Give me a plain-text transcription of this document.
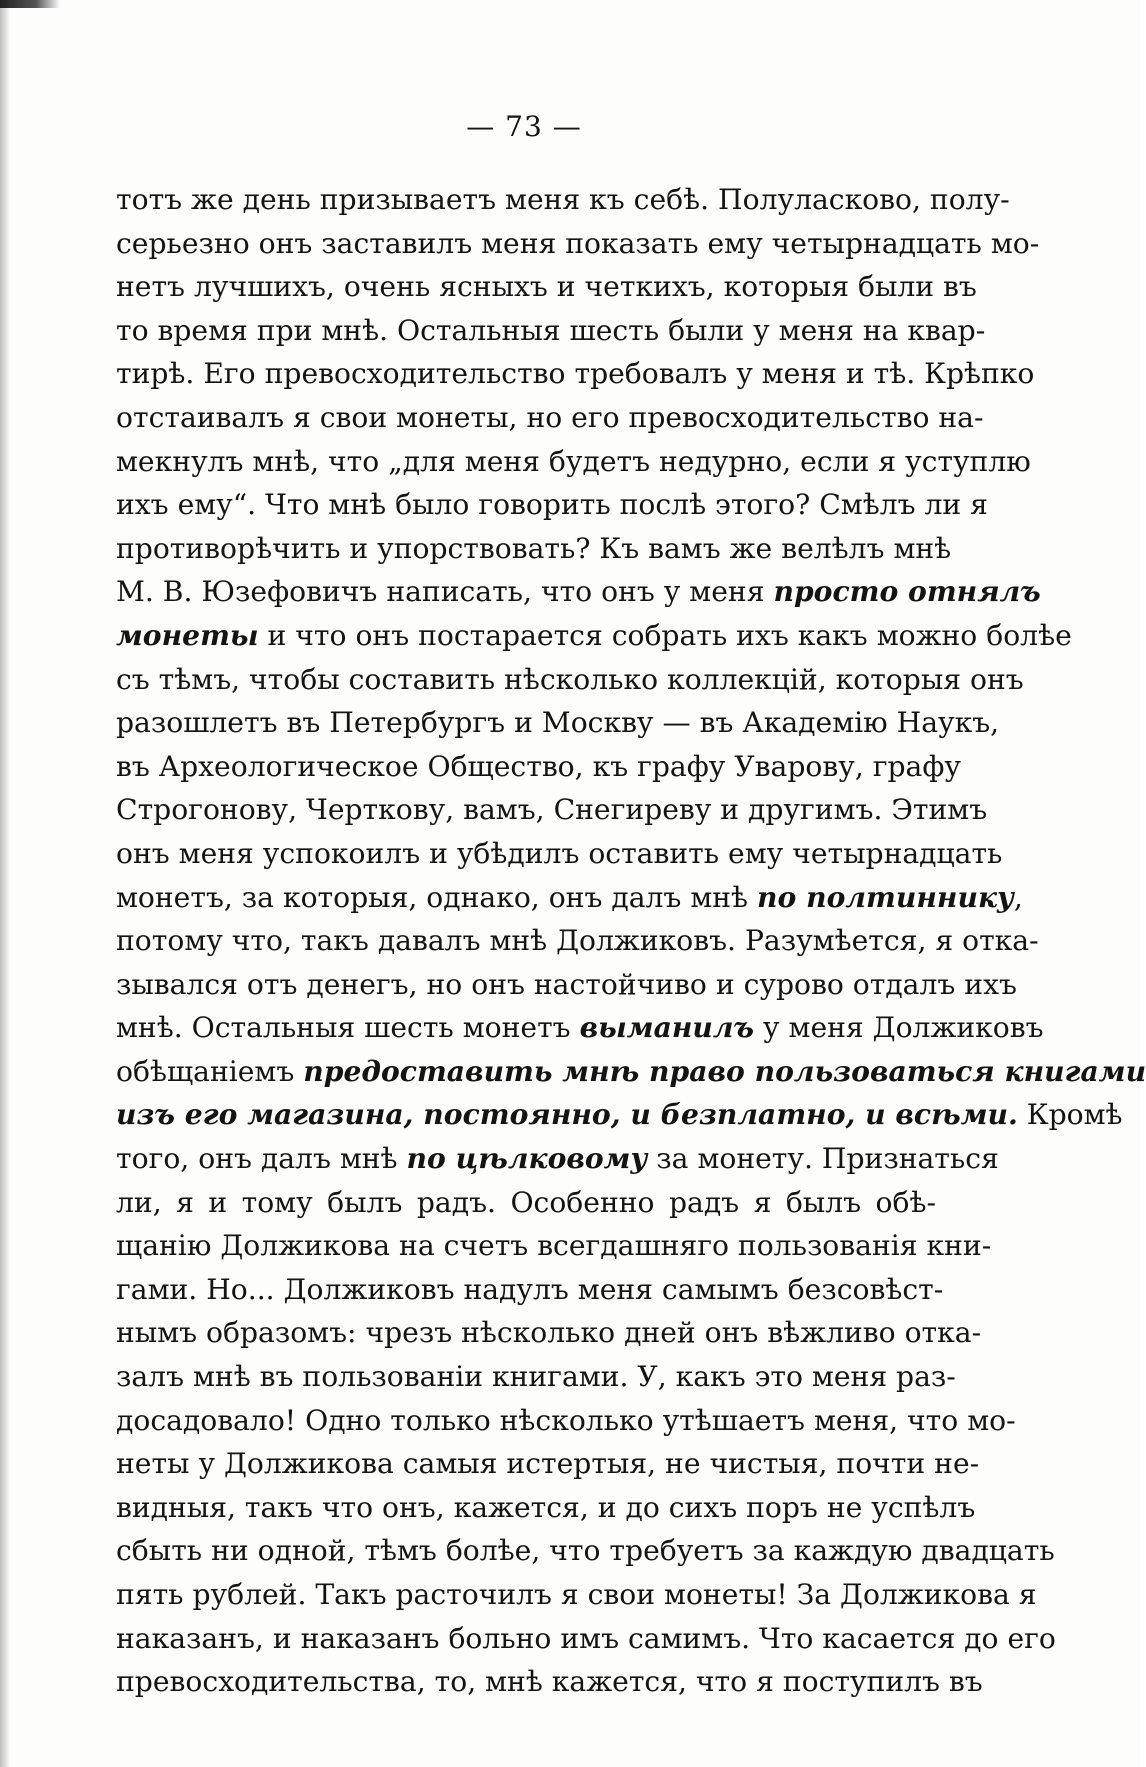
— 73 —
тотъ же день призываетъ меня къ себѣ. Полуласково, полу-
серьезно онъ заставилъ меня показать ему четырнадцать мо-
нетъ лучшихъ, очень ясныхъ и четкихъ, которыя были въ
то время при мнѣ. Остальныя шесть были у меня на квар-
тирѣ. Его превосходительство требовалъ у меня и тѣ. Крѣпко
отстаивалъ я свои монеты, но его превосходительство на-
мекнулъ мнѣ, что „для меня будетъ недурно, если я уступлю
ихъ ему“. Что мнѣ было говорить послѣ этого? Смѣлъ ли я
противорѣчить и упорствовать? Къ вамъ же велѣлъ мнѣ
М. В. Юзефовичъ написать, что онъ у меня просто отнялъ
монеты и что онъ постарается собрать ихъ какъ можно болѣе
съ тѣмъ, чтобы составить нѣсколько коллекцій, которыя онъ
разошлетъ въ Петербургъ и Москву — въ Академію Наукъ,
въ Археологическое Общество, къ графу Уварову, графу
Строгонову, Черткову, вамъ, Снегиреву и другимъ. Этимъ
онъ меня успокоилъ и убѣдилъ оставить ему четырнадцать
монетъ, за которыя, однако, онъ далъ мнѣ по полтиннику,
потому что, такъ давалъ мнѣ Должиковъ. Разумѣется, я отка-
зывался отъ денегъ, но онъ настойчиво и сурово отдалъ ихъ
мнѣ. Остальныя шесть монетъ выманилъ у меня Должиковъ
обѣщаніемъ предоставить мнѣ право пользоваться книгами
изъ его магазина, постоянно, и безплатно, и всѣми. Кромѣ
того, онъ далъ мнѣ по цѣлковому за монету. Признаться
ли, я и тому былъ радъ. Особенно радъ я былъ обѣ-
щанію Должикова на счетъ всегдашняго пользованія кни-
гами. Но... Должиковъ надулъ меня самымъ безсовѣст-
нымъ образомъ: чрезъ нѣсколько дней онъ вѣжливо отка-
залъ мнѣ въ пользованіи книгами. У, какъ это меня раз-
досадовало! Одно только нѣсколько утѣшаетъ меня, что мо-
неты у Должикова самыя истертыя, не чистыя, почти не-
видныя, такъ что онъ, кажется, и до сихъ поръ не успѣлъ
сбыть ни одной, тѣмъ болѣе, что требуетъ за каждую двадцать
пять рублей. Такъ расточилъ я свои монеты! За Должикова я
наказанъ, и наказанъ больно имъ самимъ. Что касается до его
превосходительства, то, мнѣ кажется, что я поступилъ въ
